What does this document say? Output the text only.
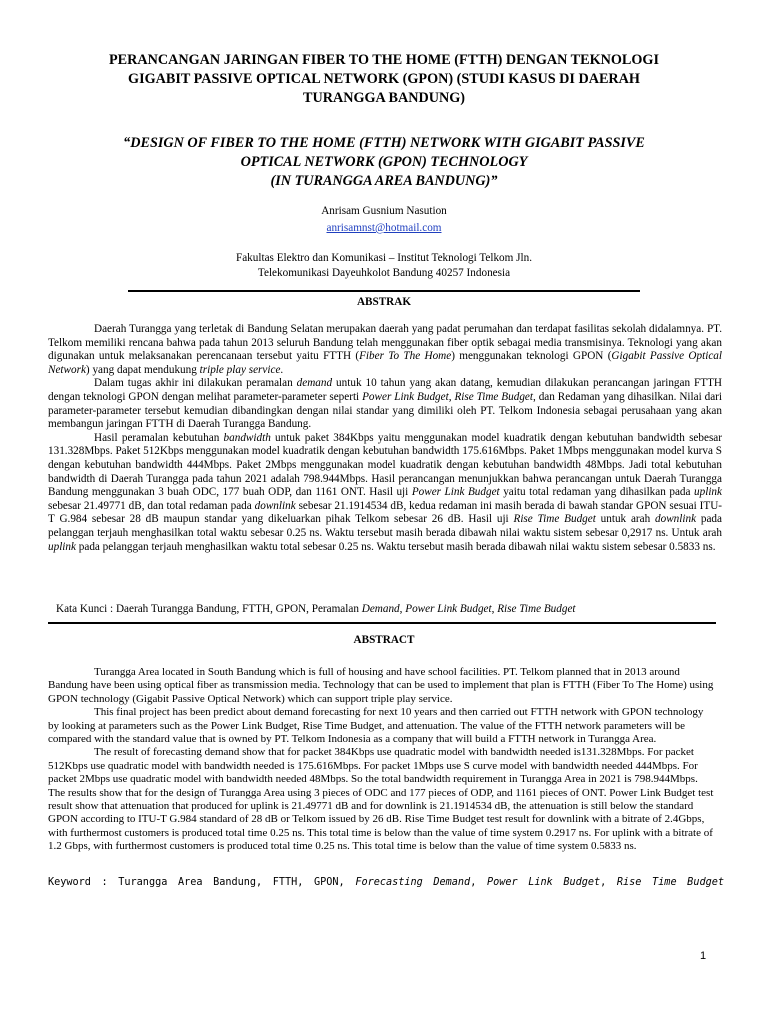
PERANCANGAN JARINGAN FIBER TO THE HOME (FTTH) DENGAN TEKNOLOGI
GIGABIT PASSIVE OPTICAL NETWORK (GPON) (STUDI KASUS DI DAERAH
TURANGGA BANDUNG)
“DESIGN OF FIBER TO THE HOME (FTTH) NETWORK WITH GIGABIT PASSIVE
OPTICAL NETWORK (GPON) TECHNOLOGY
(IN TURANGGA AREA BANDUNG)”
Anrisam Gusnium Nasution
anrisamnst@hotmail.com
Fakultas Elektro dan Komunikasi – Institut Teknologi Telkom Jln.
Telekomunikasi Dayeuhkolot Bandung 40257 Indonesia
ABSTRAK

Daerah Turangga yang terletak di Bandung Selatan merupakan daerah yang padat perumahan dan terdapat fasilitas sekolah didalamnya. PT. Telkom memiliki rencana bahwa pada tahun 2013 seluruh Bandung telah menggunakan fiber optik sebagai media transmisinya. Teknologi yang akan digunakan untuk melaksanakan perencanaan tersebut yaitu FTTH (Fiber To The Home) menggunakan teknologi GPON (Gigabit Passive Optical Network) yang dapat mendukung triple play service.

Dalam tugas akhir ini dilakukan peramalan demand untuk 10 tahun yang akan datang, kemudian dilakukan perancangan jaringan FTTH dengan teknologi GPON dengan melihat parameter-parameter seperti Power Link Budget, Rise Time Budget, dan Redaman yang dihasilkan. Nilai dari parameter-parameter tersebut kemudian dibandingkan dengan nilai standar yang dimiliki oleh PT. Telkom Indonesia sebagai perusahaan yang akan membangun jaringan FTTH di Daerah Turangga Bandung.

Hasil peramalan kebutuhan bandwidth untuk paket 384Kbps yaitu menggunakan model kuadratik dengan kebutuhan bandwidth sebesar 131.328Mbps. Paket 512Kbps menggunakan model kuadratik dengan kebutuhan bandwidth 175.616Mbps. Paket 1Mbps menggunakan model kurva S dengan kebutuhan bandwidth 444Mbps. Paket 2Mbps menggunakan model kuadratik dengan kebutuhan bandwidth 48Mbps. Jadi total kebutuhan bandwidth di Daerah Turangga pada tahun 2021 adalah 798.944Mbps. Hasil perancangan menunjukkan bahwa perancangan untuk Daerah Turangga Bandung menggunakan 3 buah ODC, 177 buah ODP, dan 1161 ONT. Hasil uji Power Link Budget yaitu total redaman yang dihasilkan pada uplink sebesar 21.49771 dB, dan total redaman pada downlink sebesar 21.1914534 dB, kedua redaman ini masih berada di bawah standar GPON sesuai ITU-T G.984 sebesar 28 dB maupun standar yang dikeluarkan pihak Telkom sebesar 26 dB. Hasil uji Rise Time Budget untuk arah downlink pada pelanggan terjauh menghasilkan total waktu sebesar 0.25 ns. Waktu tersebut masih berada dibawah nilai waktu sistem sebesar 0,2917 ns. Untuk arah uplink pada pelanggan terjauh menghasilkan waktu total sebesar 0.25 ns. Waktu tersebut masih berada dibawah nilai waktu sistem sebesar 0.5833 ns.

Kata Kunci : Daerah Turangga Bandung, FTTH, GPON, Peramalan Demand, Power Link Budget, Rise Time Budget
ABSTRACT

Turangga Area located in South Bandung which is full of housing and have school facilities. PT. Telkom planned that in 2013 around Bandung have been using optical fiber as transmission media. Technology that can be used to implement that plan is FTTH (Fiber To The Home) using GPON technology (Gigabit Passive Optical Network) which can support triple play service.

This final project has been predict about demand forecasting for next 10 years and then carried out FTTH network with GPON technology by looking at parameters such as the Power Link Budget, Rise Time Budget, and attenuation. The value of the FTTH network parameters will be compared with the standard value that is owned by PT. Telkom Indonesia as a company that will build a FTTH network in Turangga Area.

The result of forecasting demand show that for packet 384Kbps use quadratic model with bandwidth needed is131.328Mbps. For packet 512Kbps use quadratic model with bandwidth needed is 175.616Mbps. For packet 1Mbps use S curve model with bandwidth needed 444Mbps. For packet 2Mbps use quadratic model with bandwidth needed 48Mbps. So the total bandwidth requirement in Turangga Area in 2021 is 798.944Mbps. The results show that for the design of Turangga Area using 3 pieces of ODC and 177 pieces of ODP, and 1161 pieces of ONT. Power Link Budget test result show that attenuation that produced for uplink is 21.49771 dB and for downlink is 21.1914534 dB, the attenuation is still below the standard GPON according to ITU-T G.984 standard of 28 dB or Telkom issued by 26 dB. Rise Time Budget test result for downlink with a bitrate of 2.4Gbps, with furthermost customers is produced total time 0.25 ns. This total time is below than the value of time system 0.2917 ns. For uplink with a bitrate of 1.2 Gbps, with furthermost customers is produced total time 0.25 ns. This total time is below than the value of time system 0.5833 ns.

Keyword : Turangga Area Bandung, FTTH, GPON, Forecasting Demand, Power Link Budget, Rise Time Budget
1
